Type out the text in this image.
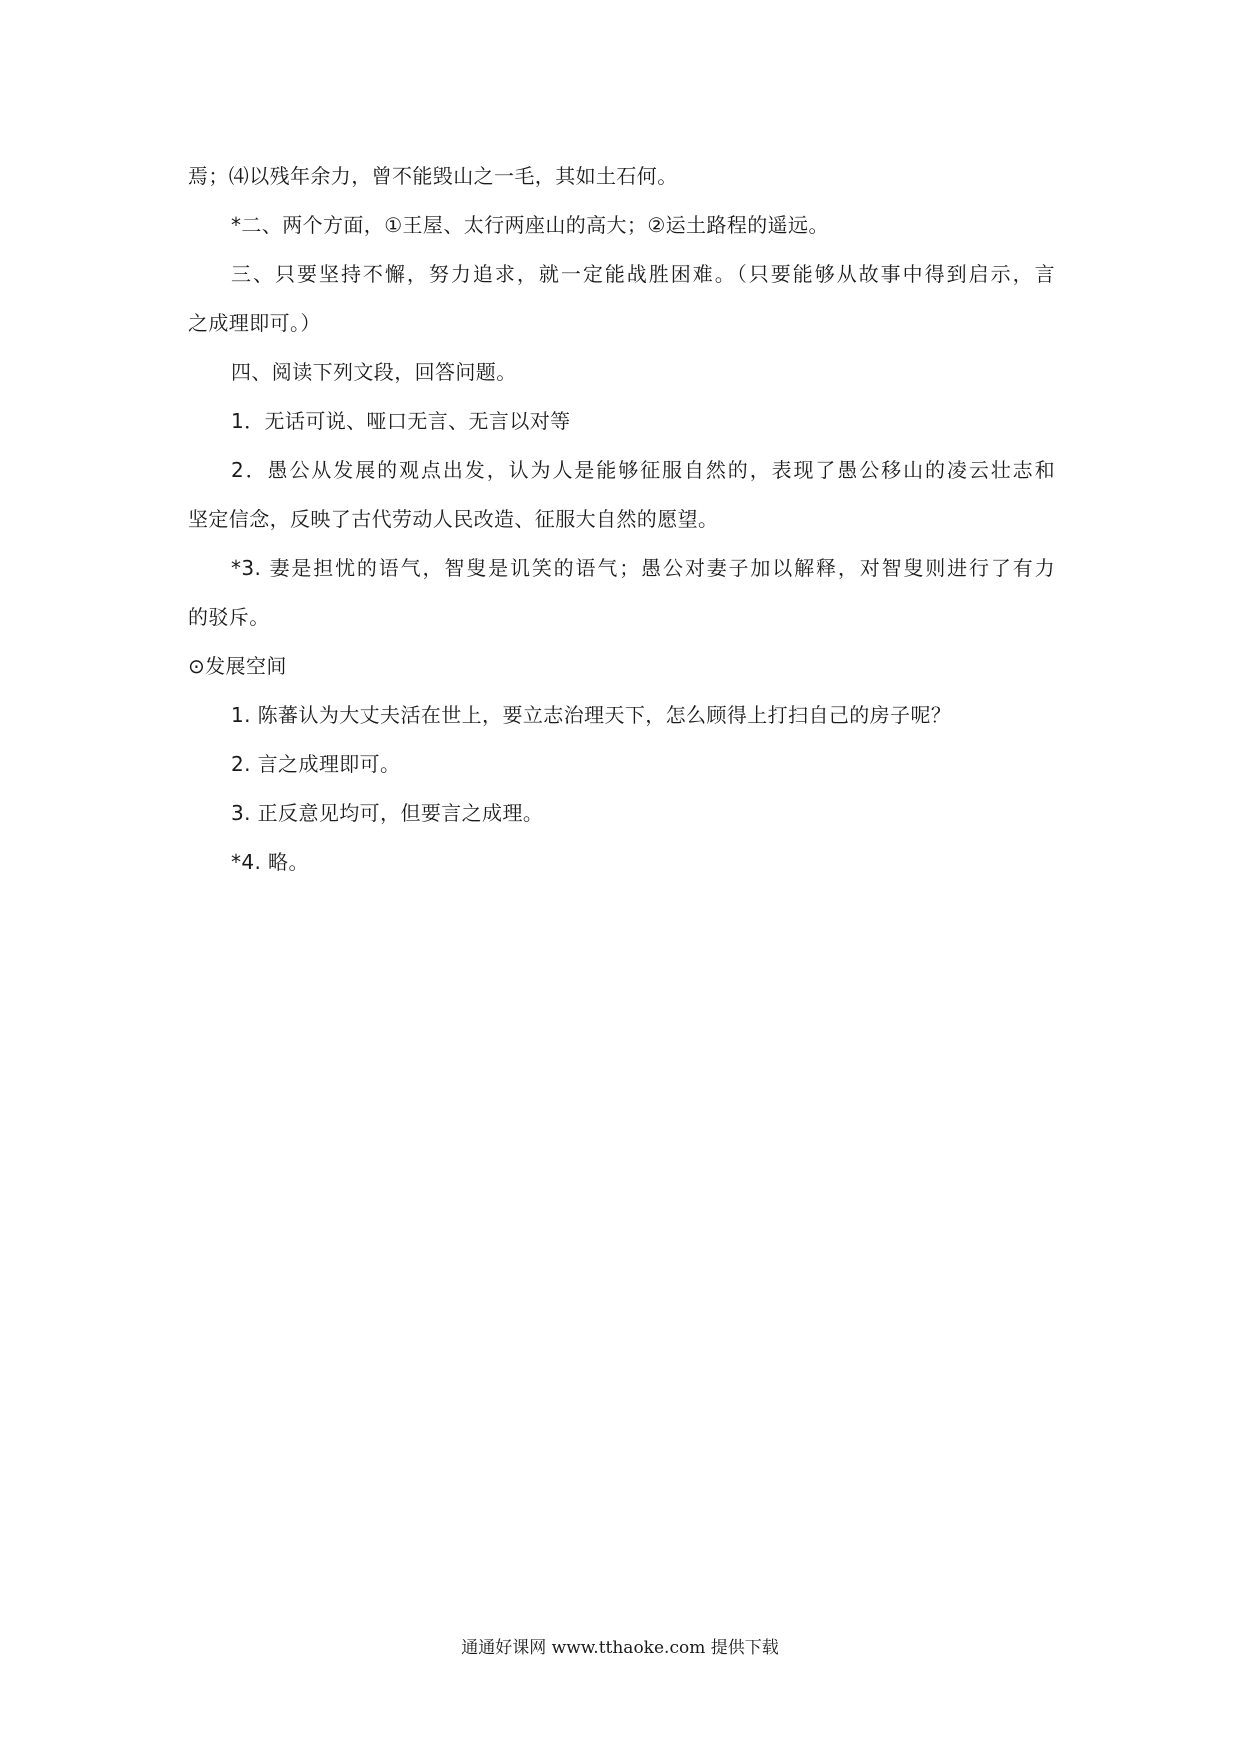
焉；⑷以残年余力，曾不能毁山之一毛，其如土石何。

*二、两个方面，①王屋、太行两座山的高大；②运土路程的遥远。

三、只要坚持不懈，努力追求，就一定能战胜困难。（只要能够从故事中得到启示，言

之成理即可。）

四、阅读下列文段，回答问题。

1．无话可说、哑口无言、无言以对等

2．愚公从发展的观点出发，认为人是能够征服自然的，表现了愚公移山的凌云壮志和

坚定信念，反映了古代劳动人民改造、征服大自然的愿望。

*3. 妻是担忧的语气，智叟是讥笑的语气；愚公对妻子加以解释，对智叟则进行了有力

的驳斥。

⊙发展空间

1. 陈蕃认为大丈夫活在世上，要立志治理天下，怎么顾得上打扫自己的房子呢？

2. 言之成理即可。

3. 正反意见均可，但要言之成理。

*4. 略。

通通好课网 www.tthaoke.com 提供下载
